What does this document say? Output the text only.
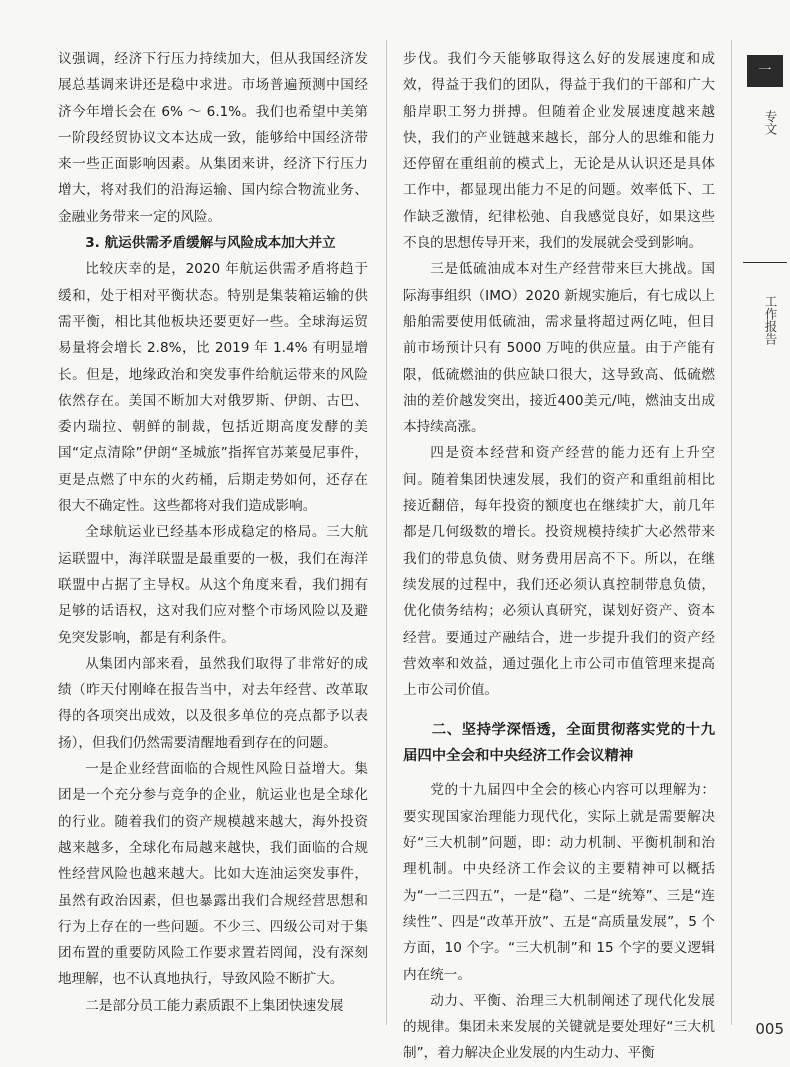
议强调，经济下行压力持续加大，但从我国经济发展总基调来讲还是稳中求进。市场普遍预测中国经济今年增长会在 6% ～ 6.1%。我们也希望中美第一阶段经贸协议文本达成一致，能够给中国经济带来一些正面影响因素。从集团来讲，经济下行压力增大，将对我们的沿海运输、国内综合物流业务、金融业务带来一定的风险。

3. 航运供需矛盾缓解与风险成本加大并立

比较庆幸的是，2020 年航运供需矛盾将趋于缓和，处于相对平衡状态。特别是集装箱运输的供需平衡，相比其他板块还要更好一些。全球海运贸易量将会增长 2.8%，比 2019 年 1.4% 有明显增长。但是，地缘政治和突发事件给航运带来的风险依然存在。美国不断加大对俄罗斯、伊朗、古巴、委内瑞拉、朝鲜的制裁，包括近期高度发酵的美国“定点清除”伊朗“圣城旅”指挥官苏莱曼尼事件，更是点燃了中东的火药桶，后期走势如何，还存在很大不确定性。这些都将对我们造成影响。

全球航运业已经基本形成稳定的格局。三大航运联盟中，海洋联盟是最重要的一极，我们在海洋联盟中占据了主导权。从这个角度来看，我们拥有足够的话语权，这对我们应对整个市场风险以及避免突发影响，都是有利条件。

从集团内部来看，虽然我们取得了非常好的成绩（昨天付刚峰在报告当中，对去年经营、改革取得的各项突出成效，以及很多单位的亮点都予以表扬），但我们仍然需要清醒地看到存在的问题。

一是企业经营面临的合规性风险日益增大。集团是一个充分参与竞争的企业，航运业也是全球化的行业。随着我们的资产规模越来越大，海外投资越来越多，全球化布局越来越快，我们面临的合规性经营风险也越来越大。比如大连油运突发事件，虽然有政治因素，但也暴露出我们合规经营思想和行为上存在的一些问题。不少三、四级公司对于集团布置的重要防风险工作要求置若罔闻，没有深刻地理解，也不认真地执行，导致风险不断扩大。

二是部分员工能力素质跟不上集团快速发展

步伐。我们今天能够取得这么好的发展速度和成效，得益于我们的团队，得益于我们的干部和广大船岸职工努力拼搏。但随着企业发展速度越来越快，我们的产业链越来越长，部分人的思维和能力还停留在重组前的模式上，无论是从认识还是具体工作中，都显现出能力不足的问题。效率低下、工作缺乏激情，纪律松弛、自我感觉良好，如果这些不良的思想传导开来，我们的发展就会受到影响。

三是低硫油成本对生产经营带来巨大挑战。国际海事组织（IMO）2020 新规实施后，有七成以上船舶需要使用低硫油，需求量将超过两亿吨，但目前市场预计只有 5000 万吨的供应量。由于产能有限，低硫燃油的供应缺口很大，这导致高、低硫燃油的差价越发突出，接近400美元/吨，燃油支出成本持续高涨。

四是资本经营和资产经营的能力还有上升空间。随着集团快速发展，我们的资产和重组前相比接近翻倍，每年投资的额度也在继续扩大，前几年都是几何级数的增长。投资规模持续扩大必然带来我们的带息负债、财务费用居高不下。所以，在继续发展的过程中，我们还必须认真控制带息负债，优化债务结构；必须认真研究，谋划好资产、资本经营。要通过产融结合，进一步提升我们的资产经营效率和效益，通过强化上市公司市值管理来提高上市公司价值。

二、坚持学深悟透，全面贯彻落实党的十九届四中全会和中央经济工作会议精神

党的十九届四中全会的核心内容可以理解为：要实现国家治理能力现代化，实际上就是需要解决好“三大机制”问题，即：动力机制、平衡机制和治理机制。中央经济工作会议的主要精神可以概括为“一二三四五”，一是“稳”、二是“统筹”、三是“连续性”、四是“改革开放”、五是“高质量发展”，5 个方面，10 个字。“三大机制”和 15 个字的要义逻辑内在统一。

动力、平衡、治理三大机制阐述了现代化发展的规律。集团未来发展的关键就是要处理好“三大机制”，着力解决企业发展的内生动力、平衡

一
专文
工作报告
005
